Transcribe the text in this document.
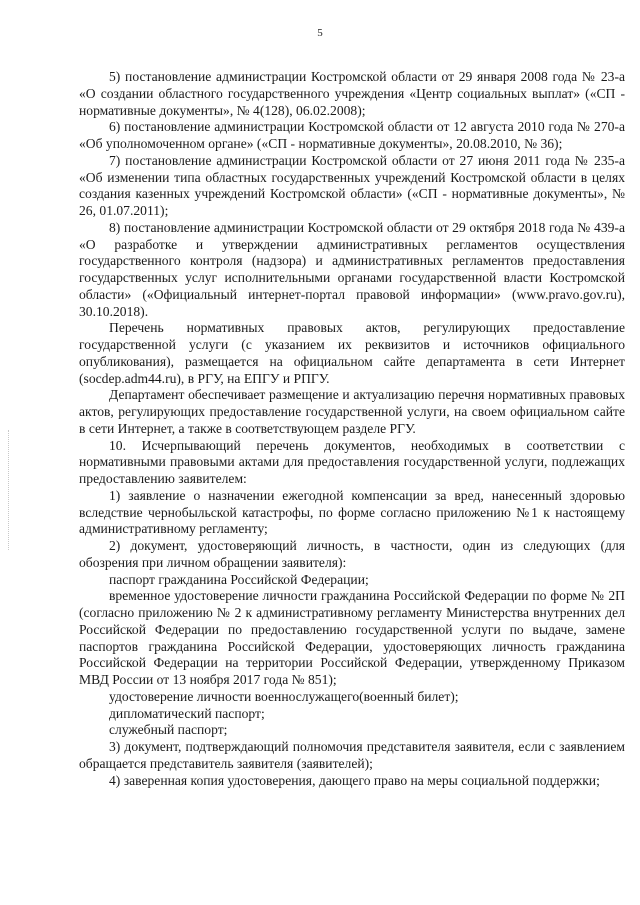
5

5) постановление администрации Костромской области от 29 января 2008 года № 23-а «О создании областного государственного учреждения «Центр социальных выплат» («СП - нормативные документы», № 4(128), 06.02.2008);

6) постановление администрации Костромской области от 12 августа 2010 года № 270-а «Об уполномоченном органе» («СП - нормативные документы», 20.08.2010, № 36);

7) постановление администрации Костромской области от 27 июня 2011 года № 235-а «Об изменении типа областных государственных учреждений Костромской области в целях создания казенных учреждений Костромской области» («СП - нормативные документы», № 26, 01.07.2011);

8) постановление администрации Костромской области от 29 октября 2018 года № 439-а «О разработке и утверждении административных регламентов осуществления государственного контроля (надзора) и административных регламентов предоставления государственных услуг исполнительными органами государственной власти Костромской области» («Официальный интернет-портал правовой информации» (www.pravo.gov.ru), 30.10.2018).

Перечень нормативных правовых актов, регулирующих предоставление государственной услуги (с указанием их реквизитов и источников официального опубликования), размещается на официальном сайте департамента в сети Интернет (socdep.adm44.ru), в РГУ, на ЕПГУ и РПГУ.

Департамент обеспечивает размещение и актуализацию перечня нормативных правовых актов, регулирующих предоставление государственной услуги, на своем официальном сайте в сети Интернет, а также в соответствующем разделе РГУ.

10. Исчерпывающий перечень документов, необходимых в соответствии с нормативными правовыми актами для предоставления государственной услуги, подлежащих предоставлению заявителем:

1) заявление о назначении ежегодной компенсации за вред, нанесенный здоровью вследствие чернобыльской катастрофы, по форме согласно приложению №1 к настоящему административному регламенту;

2) документ, удостоверяющий личность, в частности, один из следующих (для обозрения при личном обращении заявителя):

паспорт гражданина Российской Федерации;

временное удостоверение личности гражданина Российской Федерации по форме № 2П (согласно приложению № 2 к административному регламенту Министерства внутренних дел Российской Федерации по предоставлению государственной услуги по выдаче, замене паспортов гражданина Российской Федерации, удостоверяющих личность гражданина Российской Федерации на территории Российской Федерации, утвержденному Приказом МВД России от 13 ноября 2017 года № 851);

удостоверение личности военнослужащего(военный билет);

дипломатический паспорт;

служебный паспорт;

3) документ, подтверждающий полномочия представителя заявителя, если с заявлением обращается представитель заявителя (заявителей);

4) заверенная копия удостоверения, дающего право на меры социальной поддержки;
